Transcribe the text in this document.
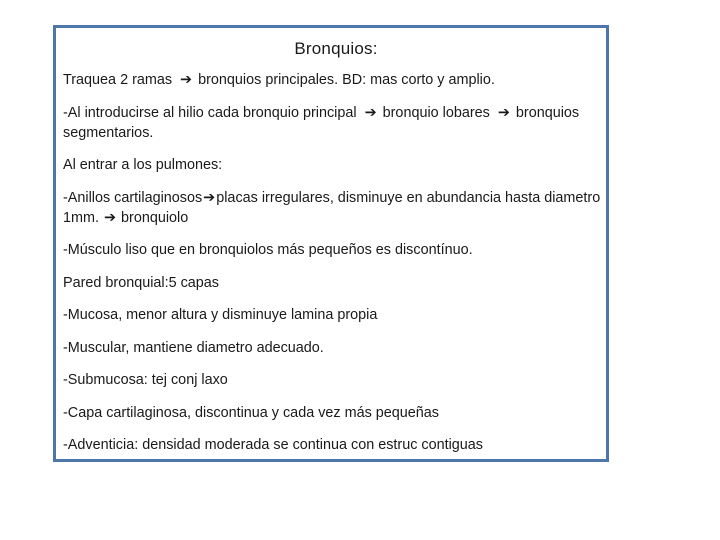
Bronquios:

Traquea 2 ramas ➔ bronquios principales. BD: mas corto y amplio.

-Al introducirse al hilio cada bronquio principal ➔ bronquio lobares ➔ bronquios segmentarios.

Al entrar a los pulmones:

-Anillos cartilaginosos➔placas irregulares, disminuye en abundancia hasta diametro 1mm. ➔ bronquiolo

-Músculo liso que en bronquiolos más pequeños es discontínuo.

Pared bronquial:5 capas

-Mucosa, menor altura y disminuye lamina propia

-Muscular, mantiene diametro adecuado.

-Submucosa: tej conj laxo

-Capa cartilaginosa, discontinua y cada vez más pequeñas

-Adventicia: densidad moderada se continua con estruc contiguas
